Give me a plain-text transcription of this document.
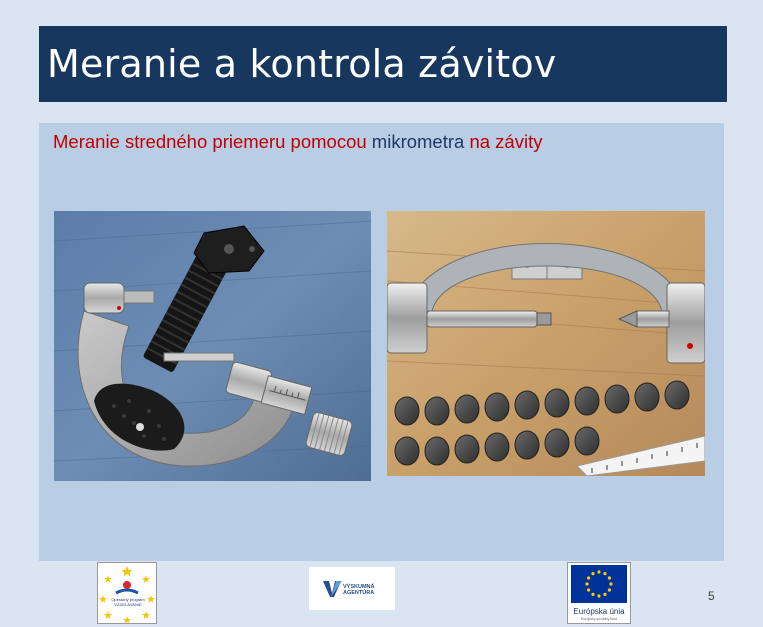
Meranie a kontrola závitov
Meranie stredného priemeru pomocou mikrometra na závity
5
Operačný program VZDELÁVANIE
VÝSKUMNÁ
AGENTÚRA
Európska únia
Európsky sociálny fond
